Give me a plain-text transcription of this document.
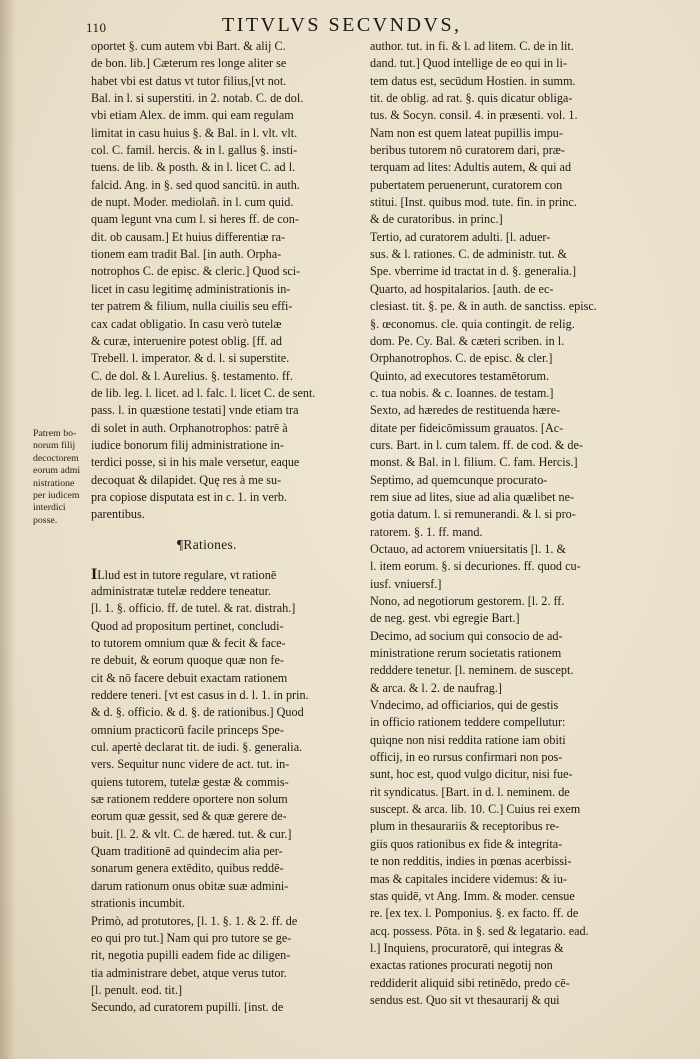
110	TITVLVS SECVNDVS,
Patrem bo-
norum filij
decoctorem
eorum admi
nistratione
per iudicem
interdici
posse.
oportet §. cum autem vbi Bart. & alij C.
de bon. lib.] Cæterum res longe aliter se
habet vbi est datus vt tutor filius,[vt not.
Bal. in l. si superstiti. in 2. notab. C. de dol.
vbi etiam Alex. de imm. qui eam regulam
limitat in casu huius §. & Bal. in l. vlt. vlt.
col. C. famil. hercis. & in l. gallus §. insti-
tuens. de lib. & posth. & in l. licet C. ad l.
falcid. Ang. in §. sed quod sancitū. in auth.
de nupt. Moder. mediolañ. in l. cum quid.
quam legunt vna cum l. si heres ff. de con-
dit. ob causam.] Et huius differentiæ ra-
tionem eam tradit Bal. [in auth. Orpha-
notrophos C. de episc. & cleric.] Quod sci-
licet in casu legitimę administrationis in-
ter patrem & filium, nulla ciuilis seu effi-
cax cadat obligatio. In casu verò tutelæ
& curæ, interuenire potest oblig. [ff. ad
Trebell. l. imperator. & d. l. si superstite.
C. de dol. & l. Aurelius. §. testamento. ff.
de lib. leg. l. licet. ad l. falc. l. licet C. de sent.
pass. l. in quæstione testati] vnde etiam tra
di solet in auth. Orphanotrophos: patrē à
iudice bonorum filij administratione in-
terdici posse, si in his male versetur, eaque
decoquat & dilapidet. Quę res à me su-
pra copiose disputata est in c. 1. in verb.
parentibus.
¶Rationes.
ILlud est in tutore regulare, vt rationē
administratæ tutelæ reddere teneatur.
[l. 1. §. officio. ff. de tutel. & rat. distrah.]
Quod ad propositum pertinet, concludi-
to tutorem omnium quæ & fecit & face-
re debuit, & eorum quoque quæ non fe-
cit & nō facere debuit exactam rationem
reddere teneri. [vt est casus in d. l. 1. in prin.
& d. §. officio. & d. §. de rationibus.] Quod
omnium practicorū facile princeps Spe-
cul. apertè declarat tit. de iudi. §. generalia.
vers. Sequitur nunc videre de act. tut. in-
quiens tutorem, tutelæ gestæ & commis-
sæ rationem reddere oportere non solum
eorum quæ gessit, sed & quæ gerere de-
buit. [l. 2. & vlt. C. de hæred. tut. & cur.]
Quam traditionē ad quindecim alia per-
sonarum genera extēdito, quibus reddē-
darum rationum onus obitæ suæ admini-
strationis incumbit.
Primò, ad protutores, [l. 1. §. 1. & 2. ff. de
eo qui pro tut.] Nam qui pro tutore se ge-
rit, negotia pupilli eadem fide ac diligen-
tia administrare debet, atque verus tutor.
[l. penult. eod. tit.]
Secundo, ad curatorem pupilli. [inst. de
author. tut. in fi. & l. ad litem. C. de in lit.
dand. tut.] Quod intellige de eo qui in li-
tem datus est, secūdum Hostien. in summ.
tit. de oblig. ad rat. §. quis dicatur obliga-
tus. & Socyn. consil. 4. in præsenti. vol. 1.
Nam non est quem lateat pupillis impu-
beribus tutorem nō curatorem dari, præ-
terquam ad lites: Adultis autem, & qui ad
pubertatem peruenerunt, curatorem con
stitui. [Inst. quibus mod. tute. fin. in princ.
& de curatoribus. in princ.]
Tertio, ad curatorem adulti. [l. aduer-
sus. & l. rationes. C. de administr. tut. &
Spe. vberrime id tractat in d. §. generalia.]
Quarto, ad hospitalarios. [auth. de ec-
clesiast. tit. §. pe. & in auth. de sanctiss. episc.
§. œconomus. cle. quia contingit. de relig.
dom. Pe. Cy. Bal. & cæteri scriben. in l.
Orphanotrophos. C. de episc. & cler.]
Quinto, ad executores testamētorum.
c. tua nobis. & c. Ioannes. de testam.]
Sexto, ad hæredes de restituenda hære-
ditate per fideicōmissum grauatos. [Ac-
curs. Bart. in l. cum talem. ff. de cod. & de-
monst. & Bal. in l. filium. C. fam. Hercis.]
Septimo, ad quemcunque procurato-
rem siue ad lites, siue ad alia quælibet ne-
gotia datum. l. si remunerandi. & l. si pro-
ratorem. §. 1. ff. mand.
Octauo, ad actorem vniuersitatis [l. 1. &
l. item eorum. §. si decuriones. ff. quod cu-
iusf. vniuersf.]
Nono, ad negotiorum gestorem. [l. 2. ff.
de neg. gest. vbi egregie Bart.]
Decimo, ad socium qui consocio de ad-
ministratione rerum societatis rationem
redddere tenetur. [l. neminem. de suscept.
& arca. & l. 2. de naufrag.]
Vndecimo, ad officiarios, qui de gestis
in officio rationem teddere compellutur:
quiqne non nisi reddita ratione iam obiti
officij, in eo rursus confirmari non pos-
sunt, hoc est, quod vulgo dicitur, nisi fue-
rit syndicatus. [Bart. in d. l. neminem. de
suscept. & arca. lib. 10. C.] Cuius rei exem
plum in thesaurariis & receptoribus re-
giis quos rationibus ex fide & integrita-
te non redditis, indies in pœnas acerbissi-
mas & capitales incidere videmus: & iu-
stas quidē, vt Ang. Imm. & moder. censue
re. [ex tex. l. Pomponius. §. ex facto. ff. de
acq. possess. Pōta. in §. sed & legatario. ead.
l.] Inquiens, procuratorē, qui integras &
exactas rationes procurati negotij non
reddiderit aliquid sibi retinēdo, predo cē-
sendus est. Quo sit vt thesaurarij & qui
